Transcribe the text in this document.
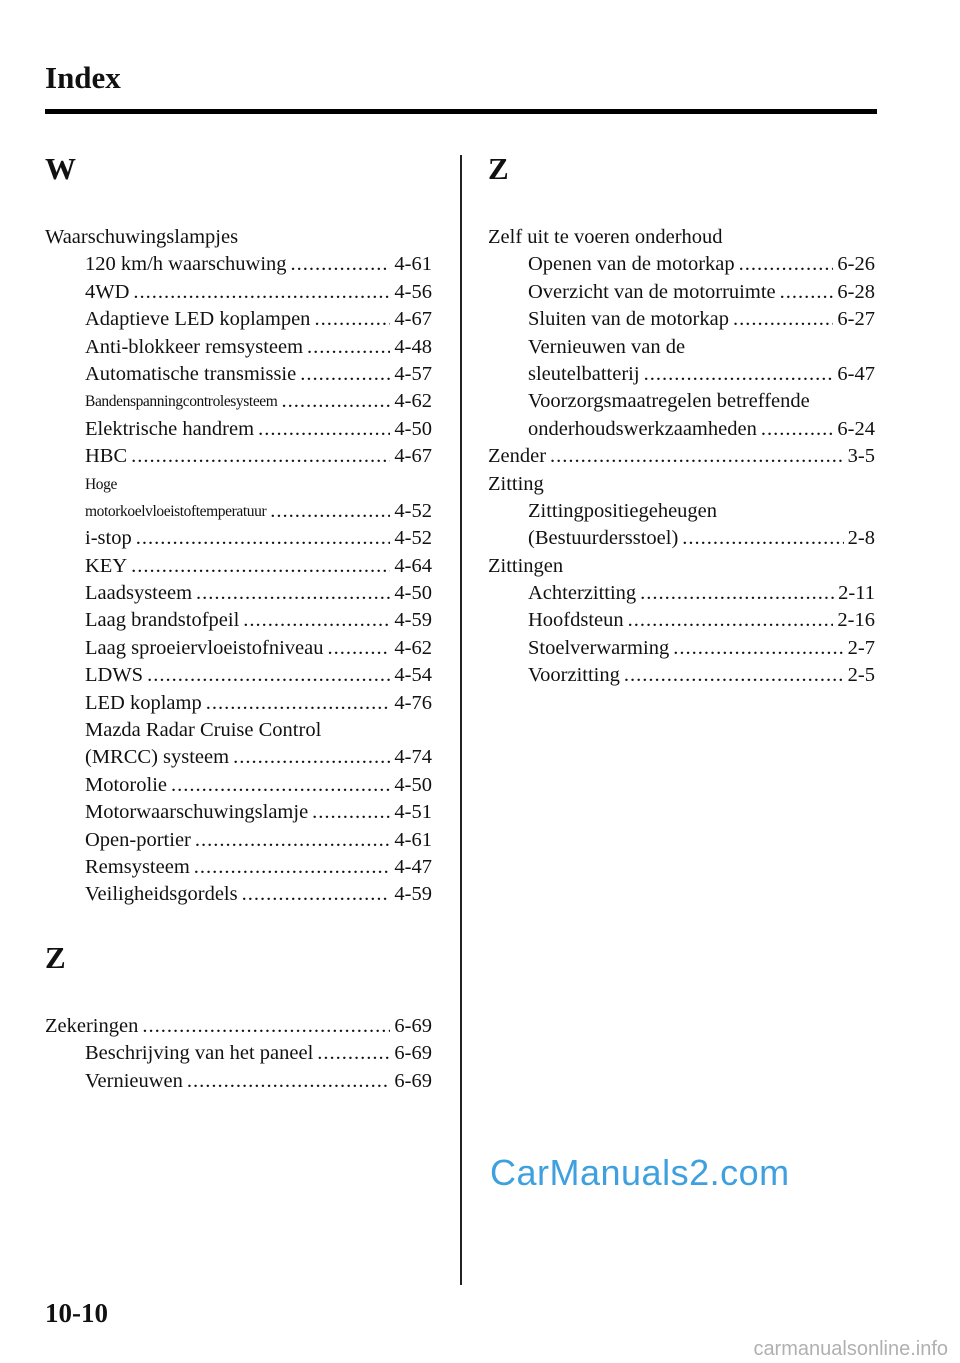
Index
W
Waarschuwingslampjes
120 km/h waarschuwing .....	4-61
4WD .....	4-56
Adaptieve LED koplampen .....	4-67
Anti-blokkeer remsysteem .....	4-48
Automatische transmissie .....	4-57
Bandenspanningcontrolesysteem .....	4-62
Elektrische handrem .....	4-50
HBC .....	4-67
Hoge
motorkoelvloeistoftemperatuur .....	4-52
i-stop .....	4-52
KEY .....	4-64
Laadsysteem .....	4-50
Laag brandstofpeil .....	4-59
Laag sproeiervloeistofniveau .....	4-62
LDWS .....	4-54
LED koplamp .....	4-76
Mazda Radar Cruise Control
(MRCC) systeem .....	4-74
Motorolie .....	4-50
Motorwaarschuwingslamje .....	4-51
Open-portier .....	4-61
Remsysteem .....	4-47
Veiligheidsgordels .....	4-59
Z
Zekeringen .....	6-69
Beschrijving van het paneel .....	6-69
Vernieuwen .....	6-69
Z
Zelf uit te voeren onderhoud
Openen van de motorkap .....	6-26
Overzicht van de motorruimte .....	6-28
Sluiten van de motorkap .....	6-27
Vernieuwen van de
sleutelbatterij .....	6-47
Voorzorgsmaatregelen betreffende
onderhoudswerkzaamheden .....	6-24
Zender .....	3-5
Zitting
Zittingpositiegeheugen
(Bestuurdersstoel) .....	2-8
Zittingen
Achterzitting .....	2-11
Hoofdsteun .....	2-16
Stoelverwarming .....	2-7
Voorzitting .....	2-5
10-10
CarManuals2.com
carmanualsonline.info
